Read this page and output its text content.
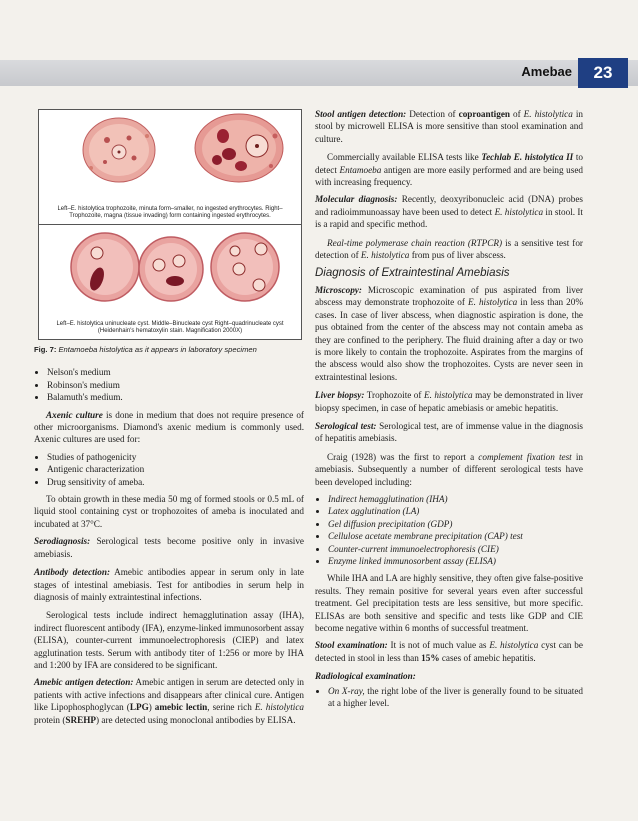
Amebae	23
Left–E. histolytica trophozoite, minuta form–smaller, no ingested erythrocytes. Right–Trophozoite, magna (tissue invading) form containing ingested erythrocytes.
Left–E. histolytica uninucleate cyst. Middle–Binucleate cyst Right–quadrinucleate cyst (Heidenhain's hematoxylin stain. Magnification 2000X)
Fig. 7: Entamoeba histolytica as it appears in laboratory specimen
• Nelson's medium
• Robinson's medium
• Balamuth's medium.

Axenic culture is done in medium that does not require presence of other microorganisms. Diamond's axenic medium is commonly used. Axenic cultures are used for:

• Studies of pathogenicity
• Antigenic characterization
• Drug sensitivity of ameba.

To obtain growth in these media 50 mg of formed stools or 0.5 mL of liquid stool containing cyst or trophozoites of ameba is inoculated and incubated at 37°C.

Serodiagnosis: Serological tests become positive only in invasive amebiasis.

Antibody detection: Amebic antibodies appear in serum only in late stages of intestinal amebiasis. Test for antibodies in serum help in diagnosis of mainly extraintestinal infections.

Serological tests include indirect hemagglutination assay (IHA), indirect fluorescent antibody (IFA), enzyme-linked immunosorbent assay (ELISA), counter-current immunoelectrophoresis (CIEP) and latex agglutination tests. Serum with antibody titer of 1:256 or more by IHA and 1:200 by IFA are considered to be significant.

Amebic antigen detection: Amebic antigen in serum are detected only in patients with active infections and disappears after clinical cure. Antigen like Lipophosphoglycan (LPG) amebic lectin, serine rich E. histolytica protein (SREHP) are detected using monoclonal antibodies by ELISA.

Stool antigen detection: Detection of coproantigen of E. histolytica in stool by microwell ELISA is more sensitive than stool examination and culture.

Commercially available ELISA tests like Techlab E. histolytica II to detect Entamoeba antigen are more easily performed and are being used with increasing frequency.

Molecular diagnosis: Recently, deoxyribonucleic acid (DNA) probes and radioimmunoassay have been used to detect E. histolytica in stool. It is a rapid and specific method.

Real-time polymerase chain reaction (RTPCR) is a sensitive test for detection of E. histolytica from pus of liver abscess.

Diagnosis of Extraintestinal Amebiasis

Microscopy: Microscopic examination of pus aspirated from liver abscess may demonstrate trophozoite of E. histolytica in less than 20% cases. In case of liver abscess, when diagnostic aspiration is done, the pus obtained from the center of the abscess may not contain ameba as they are confined to the periphery. The fluid draining after a day or two is more likely to contain the trophozoite. Aspirates from the margins of the abscess would also show the trophozoites. Cysts are never seen in extraintestinal lesions.

Liver biopsy: Trophozoite of E. histolytica may be demonstrated in liver biopsy specimen, in case of hepatic amebiasis or amebic hepatitis.

Serological test: Serological test, are of immense value in the diagnosis of hepatitis amebiasis.

Craig (1928) was the first to report a complement fixation test in amebiasis. Subsequently a number of different serological tests have been developed including:

• Indirect hemagglutination (IHA)
• Latex agglutination (LA)
• Gel diffusion precipitation (GDP)
• Cellulose acetate membrane precipitation (CAP) test
• Counter-current immunoelectrophoresis (CIE)
• Enzyme linked immunosorbent assay (ELISA)

While IHA and LA are highly sensitive, they often give false-positive results. They remain positive for several years even after successful treatment. Gel precipitation tests are less sensitive, but more specific. ELISAs are both sensitive and specific and tests like GDP and CIE become negative within 6 months of successful treatment.

Stool examination: It is not of much value as E. histolytica cyst can be detected in stool in less than 15% cases of amebic hepatitis.

Radiological examination:

• On X-ray, the right lobe of the liver is generally found to be situated at a higher level.
